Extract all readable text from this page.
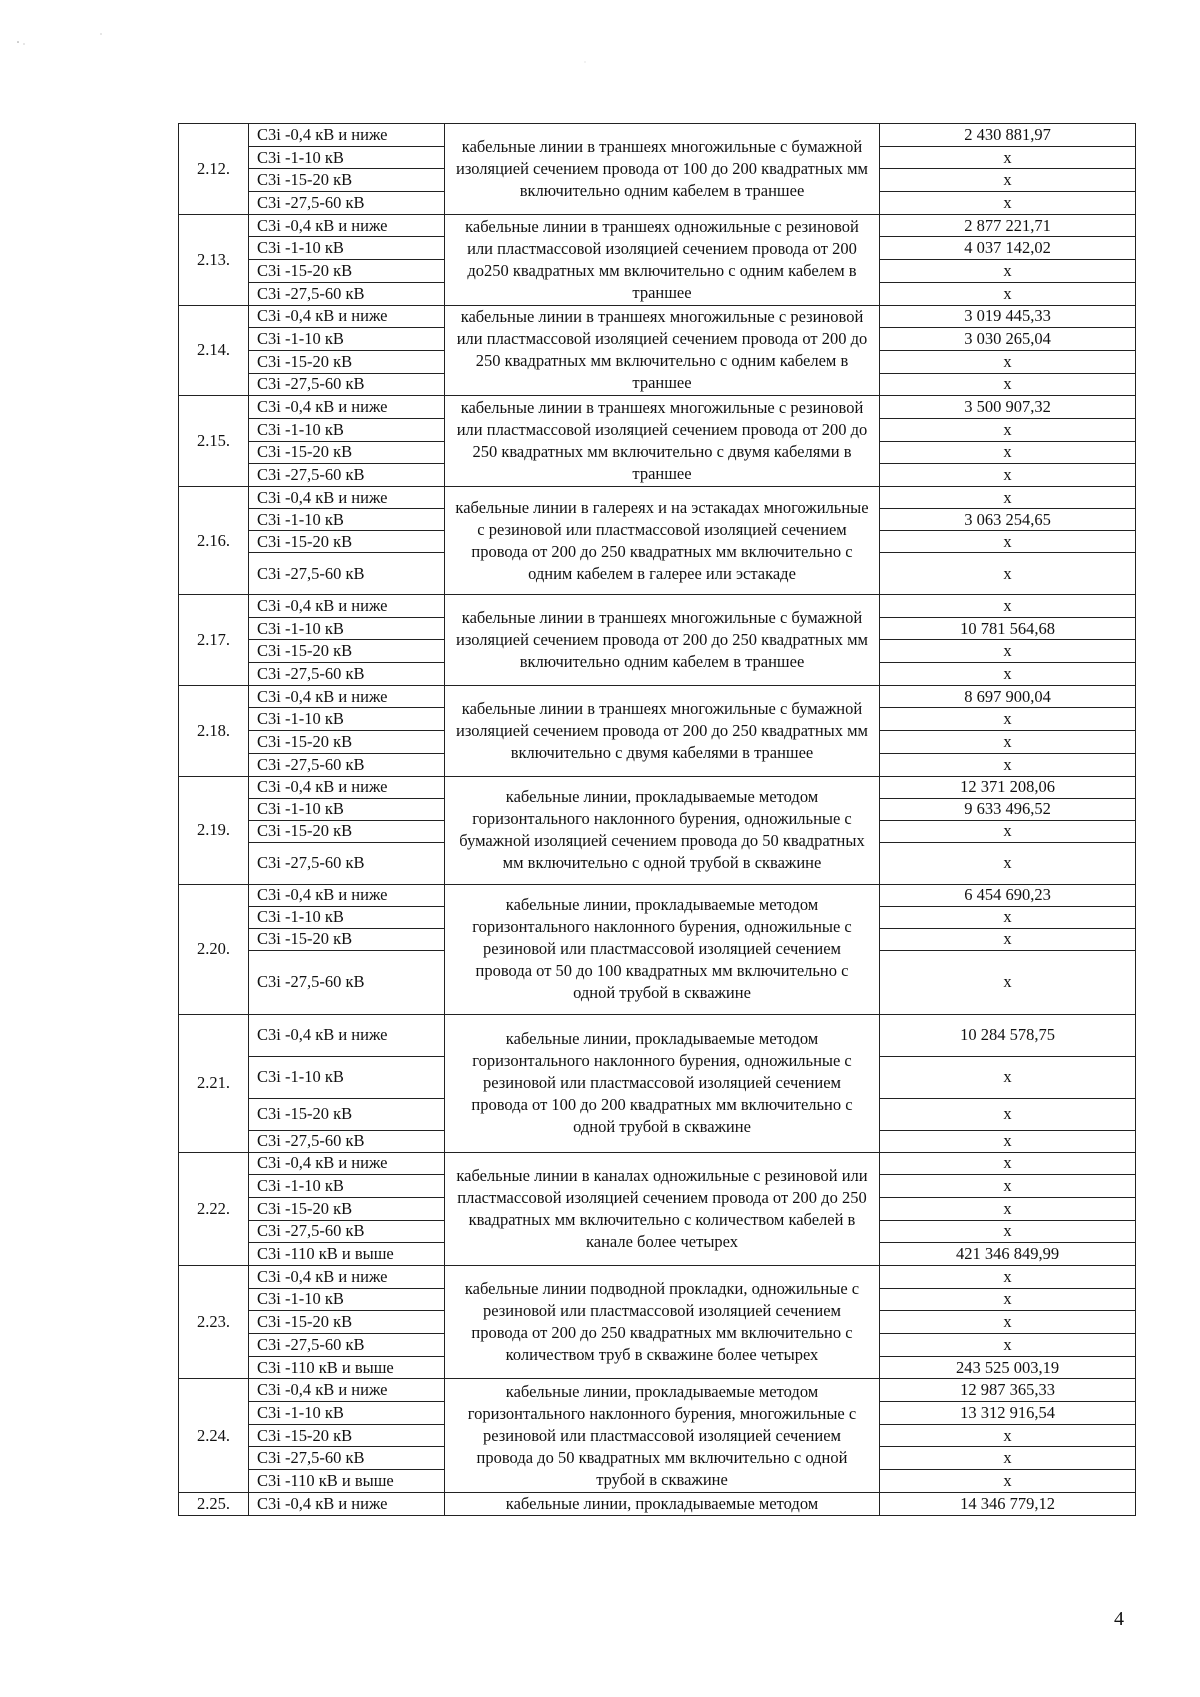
2.12.	С3i -0,4 кВ и ниже	кабельные линии в траншеях многожильные с бумажной изоляцией сечением провода от 100 до 200 квадратных мм включительно одним кабелем в траншее	2 430 881,97
	С3i -1-10 кВ		x
	С3i -15-20 кВ		x
	С3i -27,5-60 кВ		x
2.13.	С3i -0,4 кВ и ниже	кабельные линии в траншеях одножильные с резиновой или пластмассовой изоляцией сечением провода от 200 до250 квадратных мм включительно с одним кабелем в траншее	2 877 221,71
	С3i -1-10 кВ		4 037 142,02
	С3i -15-20 кВ		x
	С3i -27,5-60 кВ		x
2.14.	С3i -0,4 кВ и ниже	кабельные линии в траншеях многожильные с резиновой или пластмассовой изоляцией сечением провода от 200 до 250 квадратных мм включительно с одним кабелем в траншее	3 019 445,33
	С3i -1-10 кВ		3 030 265,04
	С3i -15-20 кВ		x
	С3i -27,5-60 кВ		x
2.15.	С3i -0,4 кВ и ниже	кабельные линии в траншеях многожильные с резиновой или пластмассовой изоляцией сечением провода от 200 до 250 квадратных мм включительно с двумя кабелями в траншее	3 500 907,32
	С3i -1-10 кВ		x
	С3i -15-20 кВ		x
	С3i -27,5-60 кВ		x
2.16.	С3i -0,4 кВ и ниже	кабельные линии в галереях и на эстакадах многожильные с резиновой или пластмассовой изоляцией сечением провода от 200 до 250 квадратных мм включительно с одним кабелем в галерее или эстакаде	x
	С3i -1-10 кВ		3 063 254,65
	С3i -15-20 кВ		x
	С3i -27,5-60 кВ		x
2.17.	С3i -0,4 кВ и ниже	кабельные линии в траншеях многожильные с бумажной изоляцией сечением провода от 200 до 250 квадратных мм включительно одним кабелем в траншее	x
	С3i -1-10 кВ		10 781 564,68
	С3i -15-20 кВ		x
	С3i -27,5-60 кВ		x
2.18.	С3i -0,4 кВ и ниже	кабельные линии в траншеях многожильные с бумажной изоляцией сечением провода от 200 до 250 квадратных мм включительно с двумя кабелями в траншее	8 697 900,04
	С3i -1-10 кВ		x
	С3i -15-20 кВ		x
	С3i -27,5-60 кВ		x
2.19.	С3i -0,4 кВ и ниже	кабельные линии, прокладываемые методом горизонтального наклонного бурения, одножильные с бумажной изоляцией сечением провода до 50 квадратных мм включительно с одной трубой в скважине	12 371 208,06
	С3i -1-10 кВ		9 633 496,52
	С3i -15-20 кВ		x
	С3i -27,5-60 кВ		x
2.20.	С3i -0,4 кВ и ниже	кабельные линии, прокладываемые методом горизонтального наклонного бурения, одножильные с резиновой или пластмассовой изоляцией сечением провода от 50 до 100 квадратных мм включительно с одной трубой в скважине	6 454 690,23
	С3i -1-10 кВ		x
	С3i -15-20 кВ		x
	С3i -27,5-60 кВ		x
2.21.	С3i -0,4 кВ и ниже	кабельные линии, прокладываемые методом горизонтального наклонного бурения, одножильные с резиновой или пластмассовой изоляцией сечением провода от 100 до 200 квадратных мм включительно с одной трубой в скважине	10 284 578,75
	С3i -1-10 кВ		x
	С3i -15-20 кВ		x
	С3i -27,5-60 кВ		x
2.22.	С3i -0,4 кВ и ниже	кабельные линии в каналах одножильные с резиновой или пластмассовой изоляцией сечением провода от 200 до 250 квадратных мм включительно с количеством кабелей в канале более четырех	x
	С3i -1-10 кВ		x
	С3i -15-20 кВ		x
	С3i -27,5-60 кВ		x
	С3i -110 кВ и выше		421 346 849,99
2.23.	С3i -0,4 кВ и ниже	кабельные линии подводной прокладки, одножильные с резиновой или пластмассовой изоляцией сечением провода от 200 до 250 квадратных мм включительно с количеством труб в скважине более четырех	x
	С3i -1-10 кВ		x
	С3i -15-20 кВ		x
	С3i -27,5-60 кВ		x
	С3i -110 кВ и выше		243 525 003,19
2.24.	С3i -0,4 кВ и ниже	кабельные линии, прокладываемые методом горизонтального наклонного бурения, многожильные с резиновой или пластмассовой изоляцией сечением провода до 50 квадратных мм включительно с одной трубой в скважине	12 987 365,33
	С3i -1-10 кВ		13 312 916,54
	С3i -15-20 кВ		x
	С3i -27,5-60 кВ		x
	С3i -110 кВ и выше		x
2.25.	С3i -0,4 кВ и ниже	кабельные линии, прокладываемые методом	14 346 779,12
4
